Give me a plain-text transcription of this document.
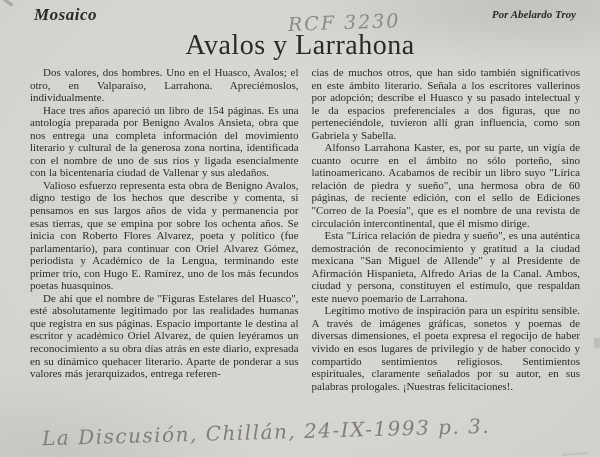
Mosaico	Por Abelardo Troy
RCF 3230
Avalos y Larrahona

Dos valores, dos hombres. Uno en el Huasco, Avalos; el otro, en Valparaíso, Larrahona. Apreciémoslos, individualmente.

Hace tres años apareció un libro de 154 páginas. Es una antología preparada por Benigno Avalos Ansieta, obra que nos entrega una completa información del movimiento literario y cultural de la generosa zona nortina, identificada con el nombre de uno de sus ríos y ligada esencialmente con la bicentenaria ciudad de Vallenar y sus aledaños.

Valioso esfuerzo representa esta obra de Benigno Avalos, digno testigo de los hechos que describe y comenta, si pensamos en sus largos años de vida y permanencia por esas tierras, que se empina por sobre los ochenta años. Se inicia con Roberto Flores Alvarez, poeta y político (fue parlamentario), para continuar con Oriel Alvarez Gómez, periodista y Académico de la Lengua, terminando este primer trío, con Hugo E. Ramírez, uno de los más fecundos poetas huasquinos.

De ahí que el nombre de "Figuras Estelares del Huasco", esté absolutamente legitimado por las realidades humanas que registra en sus páginas. Espacio importante le destina al escritor y académico Oriel Alvarez, de quien leyéramos un reconocimiento a su obra días atrás en este diario, expresada en su dinámico quehacer literario. Aparte de ponderar a sus valores más jerarquizados, entrega referen-

cias de muchos otros, que han sido también significativos en este ámbito literario. Señala a los escritores vallerinos por adopción; describe el Huasco y su pasado intelectual y le da espacios preferenciales a dos figuras, que no perteneciéndole, tuvieron allí gran influencia, como son Gabriela y Sabella.

Alfonso Larrahona Kaster, es, por su parte, un vigía de cuanto ocurre en el ámbito no sólo porteño, sino latinoamericano. Acabamos de recibir un libro suyo "Lírica relación de piedra y sueño", una hermosa obra de 60 páginas, de reciente edición, con el sello de Ediciones "Correo de la Poesía", que es el nombre de una revista de circulación intercontinental, que él mismo dirige.

Esta "Lírica relación de piedra y sueño", es una auténtica demostración de reconocimiento y gratitud a la ciudad mexicana "San Miguel de Allende" y al Presidente de Afirmación Hispanieta, Alfredo Arias de la Canal. Ambos, ciudad y persona, constituyen el estímulo, que respaldan este nuevo poemario de Larrahona.

Legítimo motivo de inspiración para un espíritu sensible. A través de imágenes gráficas, sonetos y poemas de diversas dimensiones, el poeta expresa el regocijo de haber vivido en esos lugares de privilegio y de haber conocido y compartido sentimientos religiosos. Sentimientos espirituales, claramente señalados por su autor, en sus palabras prologales. ¡Nuestras felicitaciones!.

La Discusión, Chillán, 24-IX-1993 p. 3.
